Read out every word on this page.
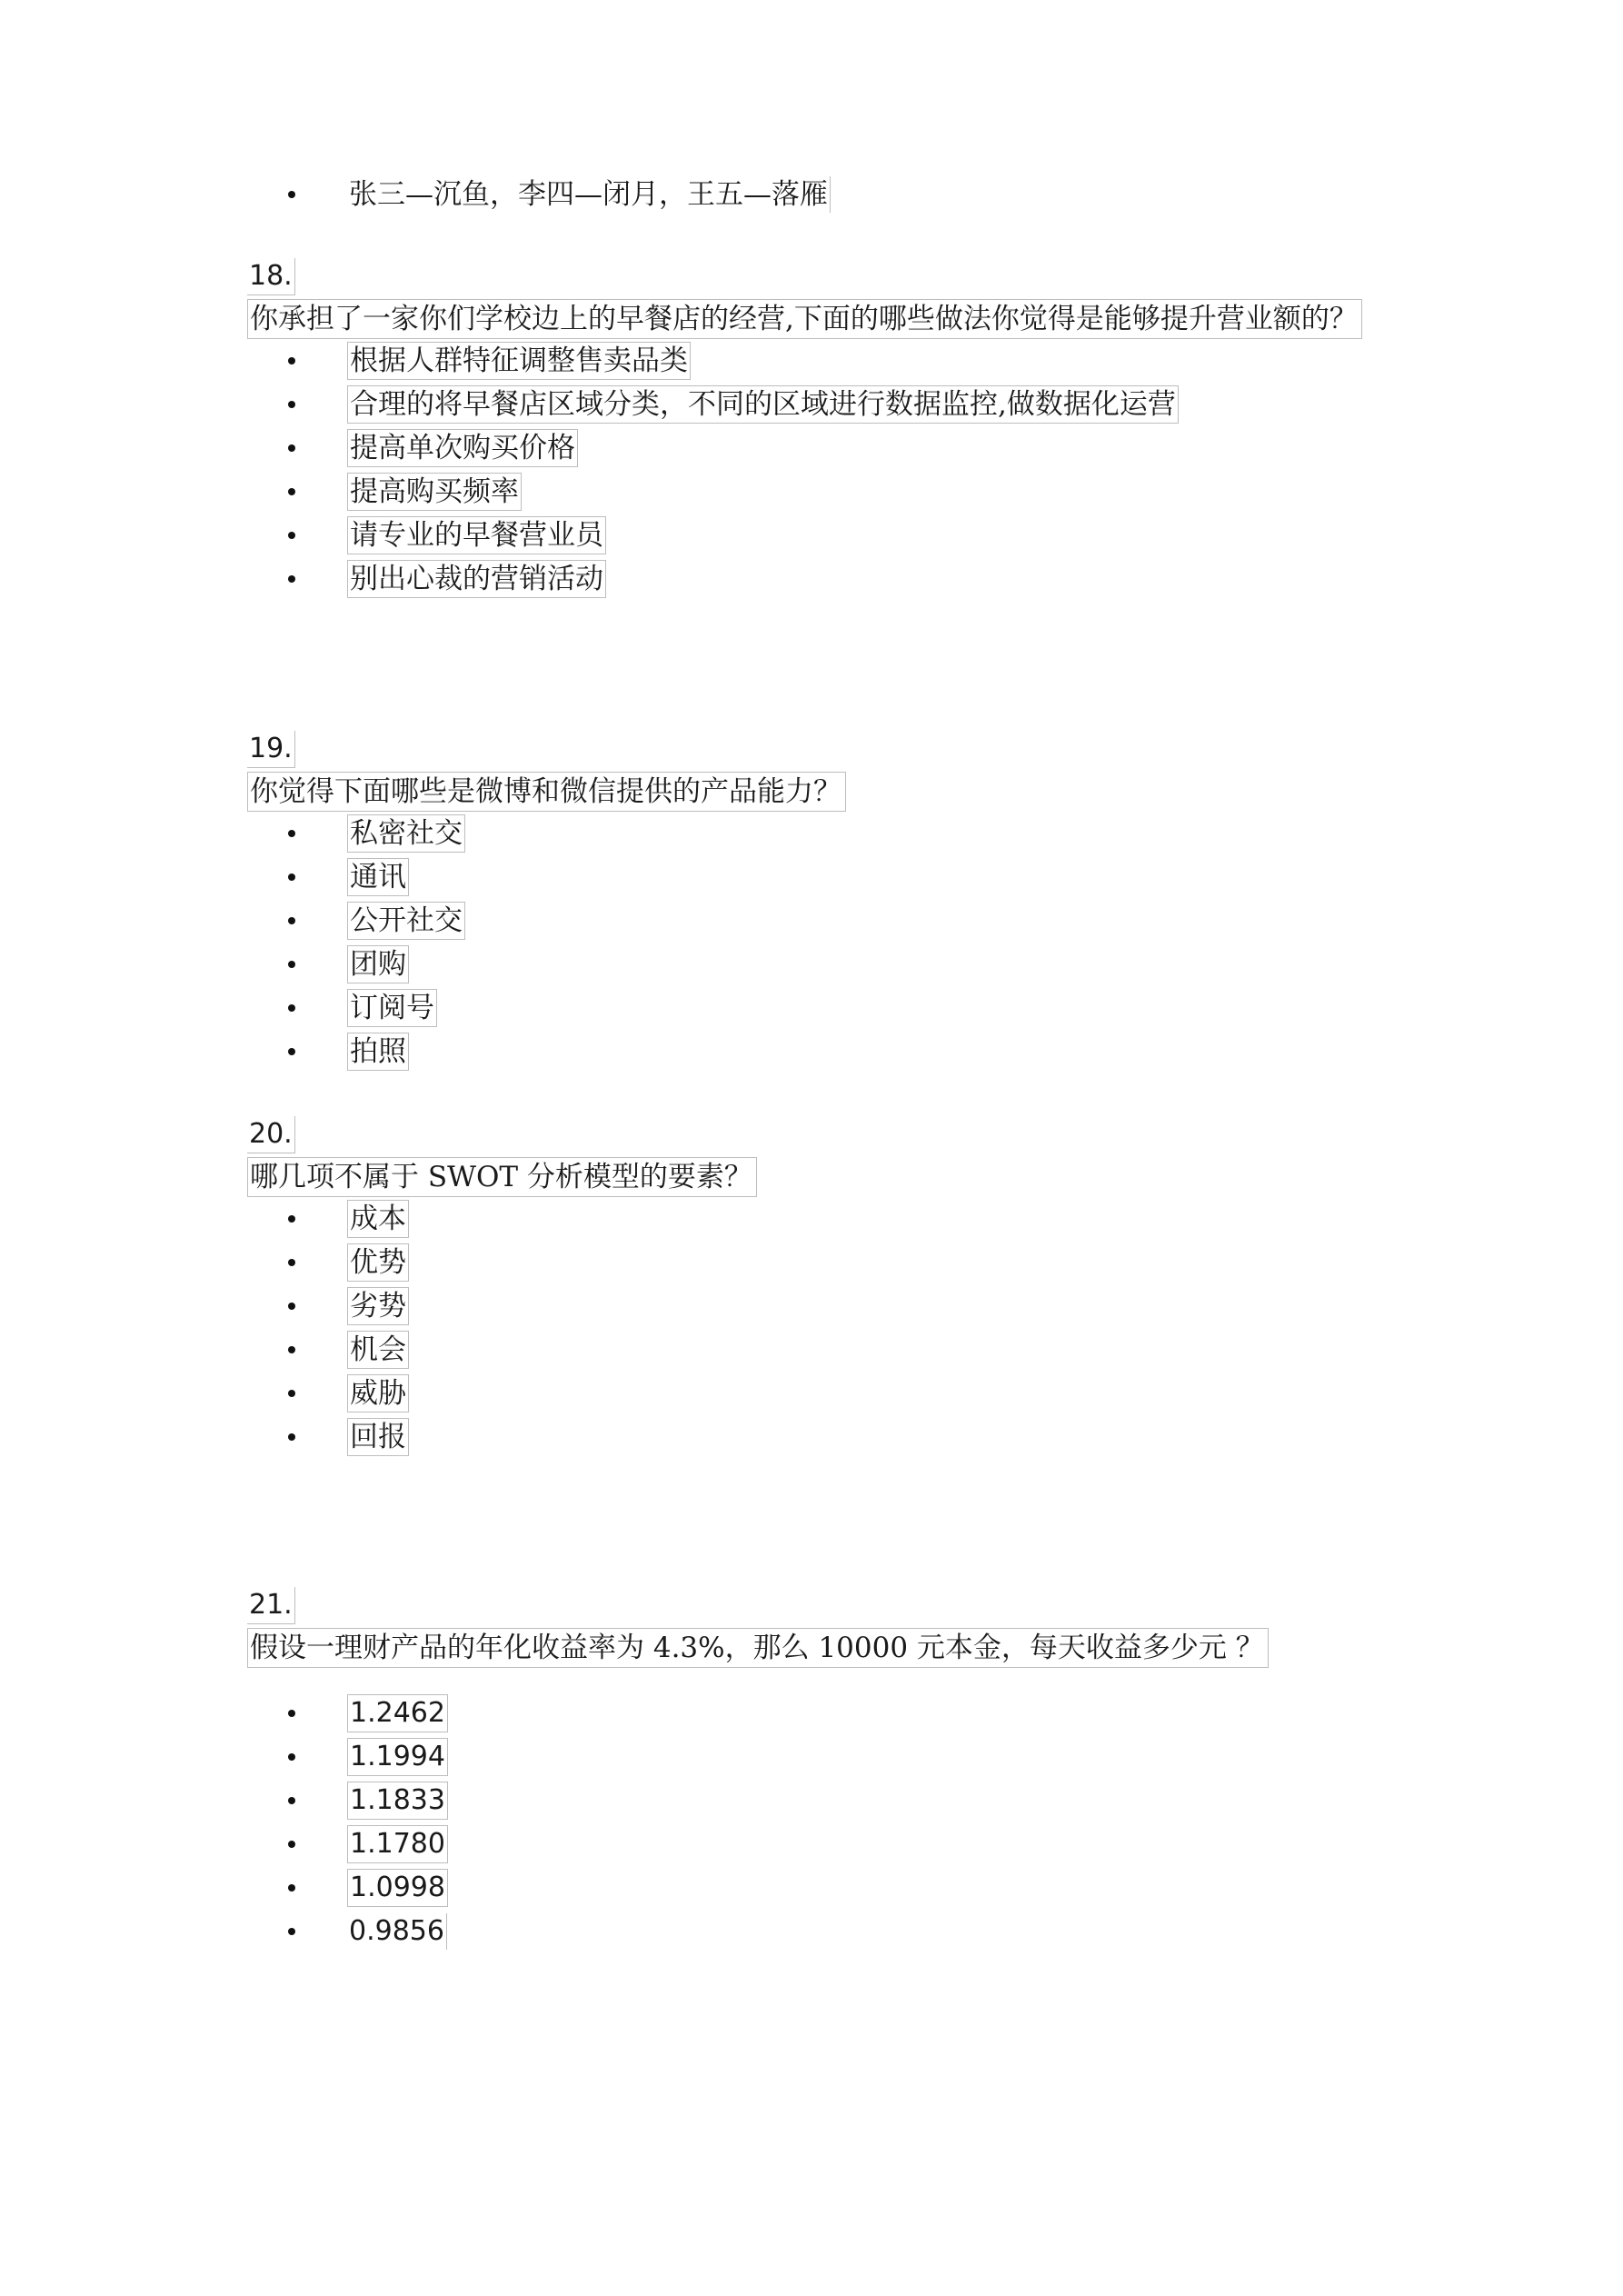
张三—沉鱼，李四—闭月，王五—落雁
18.
你承担了一家你们学校边上的早餐店的经营,下面的哪些做法你觉得是能够提升营业额的？
根据人群特征调整售卖品类
合理的将早餐店区域分类，不同的区域进行数据监控,做数据化运营
提高单次购买价格
提高购买频率
请专业的早餐营业员
别出心裁的营销活动
19.
你觉得下面哪些是微博和微信提供的产品能力？
私密社交
通讯
公开社交
团购
订阅号
拍照
20.
哪几项不属于 SWOT 分析模型的要素？
成本
优势
劣势
机会
威胁
回报
21.
假设一理财产品的年化收益率为 4.3%，那么 10000 元本金，每天收益多少元 ？
1.2462
1.1994
1.1833
1.1780
1.0998
0.9856
